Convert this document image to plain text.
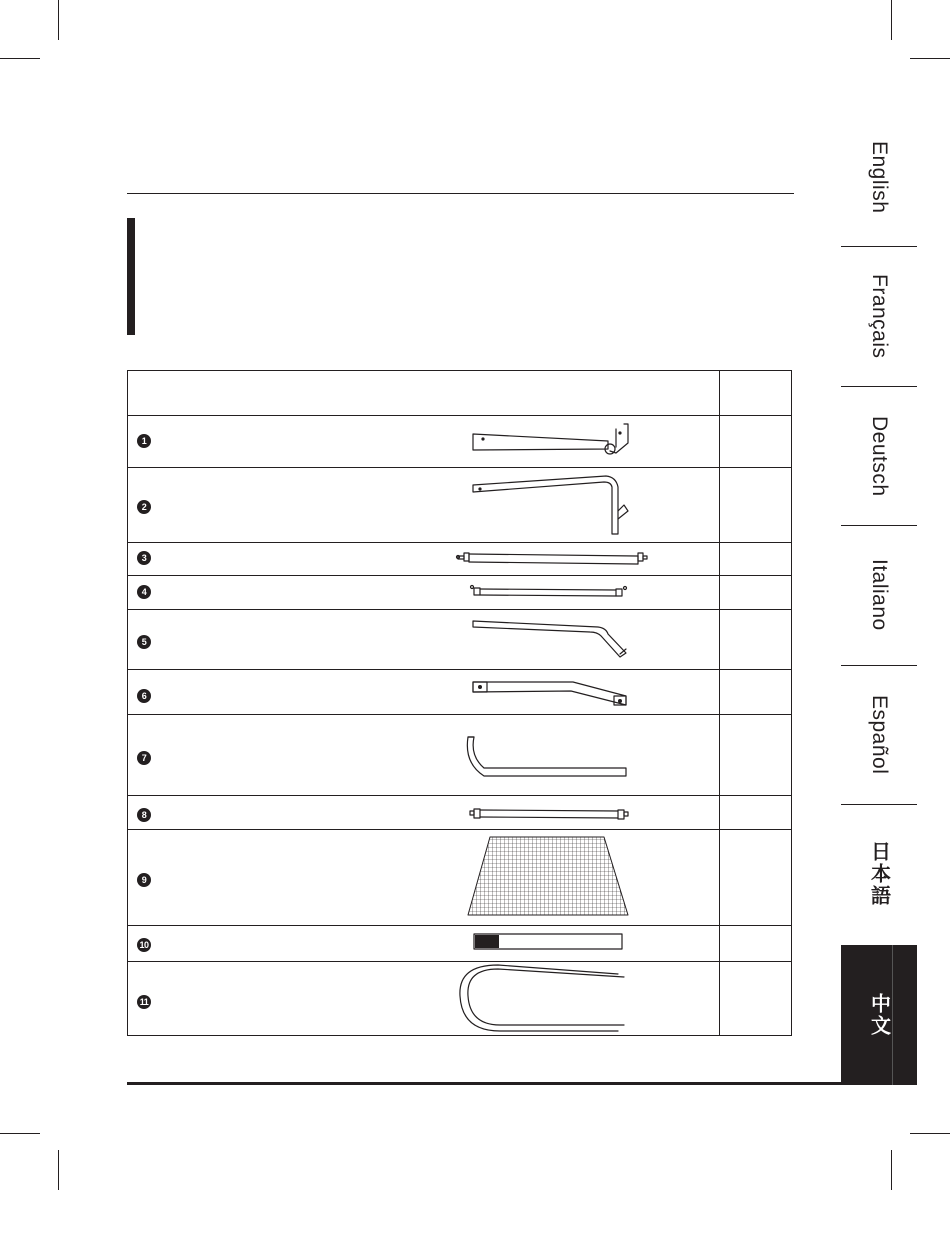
1
2
3
4
5
6
7
8
9
10
11
English
Français
Deutsch
Italiano
Español
日本語
中文
